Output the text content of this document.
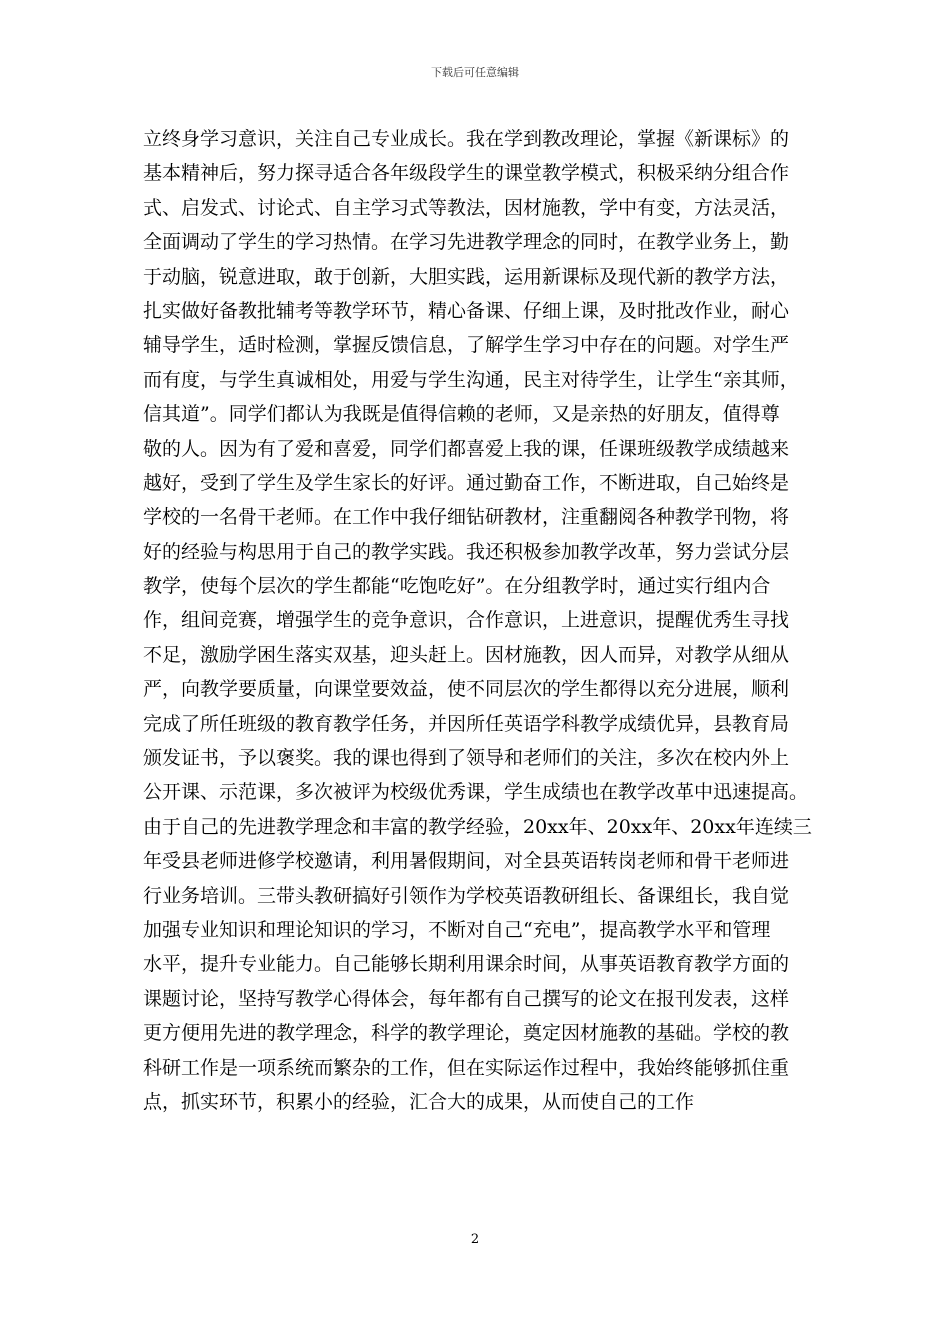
下载后可任意编辑
立终身学习意识，关注自己专业成长。我在学到教改理论，掌握《新课标》的
基本精神后，努力探寻适合各年级段学生的课堂教学模式，积极采纳分组合作
式、启发式、讨论式、自主学习式等教法，因材施教，学中有变，方法灵活，
全面调动了学生的学习热情。在学习先进教学理念的同时，在教学业务上，勤
于动脑，锐意进取，敢于创新，大胆实践，运用新课标及现代新的教学方法，
扎实做好备教批辅考等教学环节，精心备课、仔细上课，及时批改作业，耐心
辅导学生，适时检测，掌握反馈信息，了解学生学习中存在的问题。对学生严
而有度，与学生真诚相处，用爱与学生沟通，民主对待学生，让学生“亲其师，
信其道”。同学们都认为我既是值得信赖的老师，又是亲热的好朋友，值得尊
敬的人。因为有了爱和喜爱，同学们都喜爱上我的课，任课班级教学成绩越来
越好，受到了学生及学生家长的好评。通过勤奋工作，不断进取，自己始终是
学校的一名骨干老师。在工作中我仔细钻研教材，注重翻阅各种教学刊物，将
好的经验与构思用于自己的教学实践。我还积极参加教学改革，努力尝试分层
教学，使每个层次的学生都能“吃饱吃好”。在分组教学时，通过实行组内合
作，组间竞赛，增强学生的竞争意识，合作意识，上进意识，提醒优秀生寻找
不足，激励学困生落实双基，迎头赶上。因材施教，因人而异，对教学从细从
严，向教学要质量，向课堂要效益，使不同层次的学生都得以充分进展，顺利
完成了所任班级的教育教学任务，并因所任英语学科教学成绩优异，县教育局
颁发证书，予以褒奖。我的课也得到了领导和老师们的关注，多次在校内外上
公开课、示范课，多次被评为校级优秀课，学生成绩也在教学改革中迅速提高。
由于自己的先进教学理念和丰富的教学经验，20xx年、20xx年、20xx年连续三
年受县老师进修学校邀请，利用暑假期间，对全县英语转岗老师和骨干老师进
行业务培训。三带头教研搞好引领作为学校英语教研组长、备课组长，我自觉
加强专业知识和理论知识的学习，不断对自己“充电”，提高教学水平和管理
水平，提升专业能力。自己能够长期利用课余时间，从事英语教育教学方面的
课题讨论，坚持写教学心得体会，每年都有自己撰写的论文在报刊发表，这样
更方便用先进的教学理念，科学的教学理论，奠定因材施教的基础。学校的教
科研工作是一项系统而繁杂的工作，但在实际运作过程中，我始终能够抓住重
点，抓实环节，积累小的经验，汇合大的成果，从而使自己的工作
2
